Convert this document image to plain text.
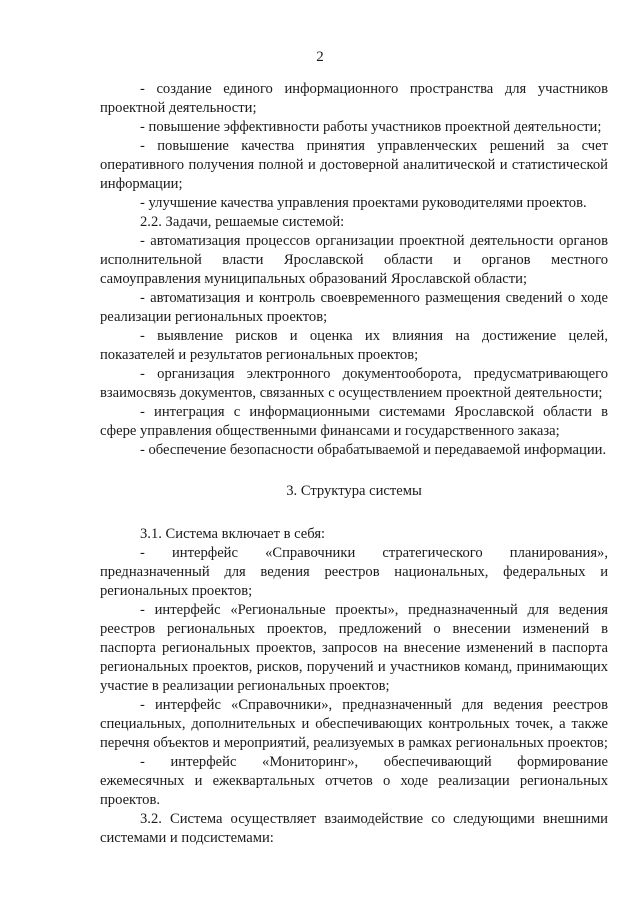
2

- создание единого информационного пространства для участников проектной деятельности;

- повышение эффективности работы участников проектной деятельности;

- повышение качества принятия управленческих решений за счет оперативного получения полной и достоверной аналитической и статистической информации;

- улучшение качества управления проектами руководителями проектов.

2.2. Задачи, решаемые системой:

- автоматизация процессов организации проектной деятельности органов исполнительной власти Ярославской области и органов местного самоуправления муниципальных образований Ярославской области;

- автоматизация и контроль своевременного размещения сведений о ходе реализации региональных проектов;

- выявление рисков и оценка их влияния на достижение целей, показателей и результатов региональных проектов;

- организация электронного документооборота, предусматривающего взаимосвязь документов, связанных с осуществлением проектной деятельности;

- интеграция с информационными системами Ярославской области в сфере управления общественными финансами и государственного заказа;

- обеспечение безопасности обрабатываемой и передаваемой информации.

3. Структура системы

3.1. Система включает в себя:

- интерфейс «Справочники стратегического планирования», предназначенный для ведения реестров национальных, федеральных и региональных проектов;

- интерфейс «Региональные проекты», предназначенный для ведения реестров региональных проектов, предложений о внесении изменений в паспорта региональных проектов, запросов на внесение изменений в паспорта региональных проектов, рисков, поручений и участников команд, принимающих участие в реализации региональных проектов;

- интерфейс «Справочники», предназначенный для ведения реестров специальных, дополнительных и обеспечивающих контрольных точек, а также перечня объектов и мероприятий, реализуемых в рамках региональных проектов;

- интерфейс «Мониторинг», обеспечивающий формирование ежемесячных и ежеквартальных отчетов о ходе реализации региональных проектов.

3.2. Система осуществляет взаимодействие со следующими внешними системами и подсистемами:
